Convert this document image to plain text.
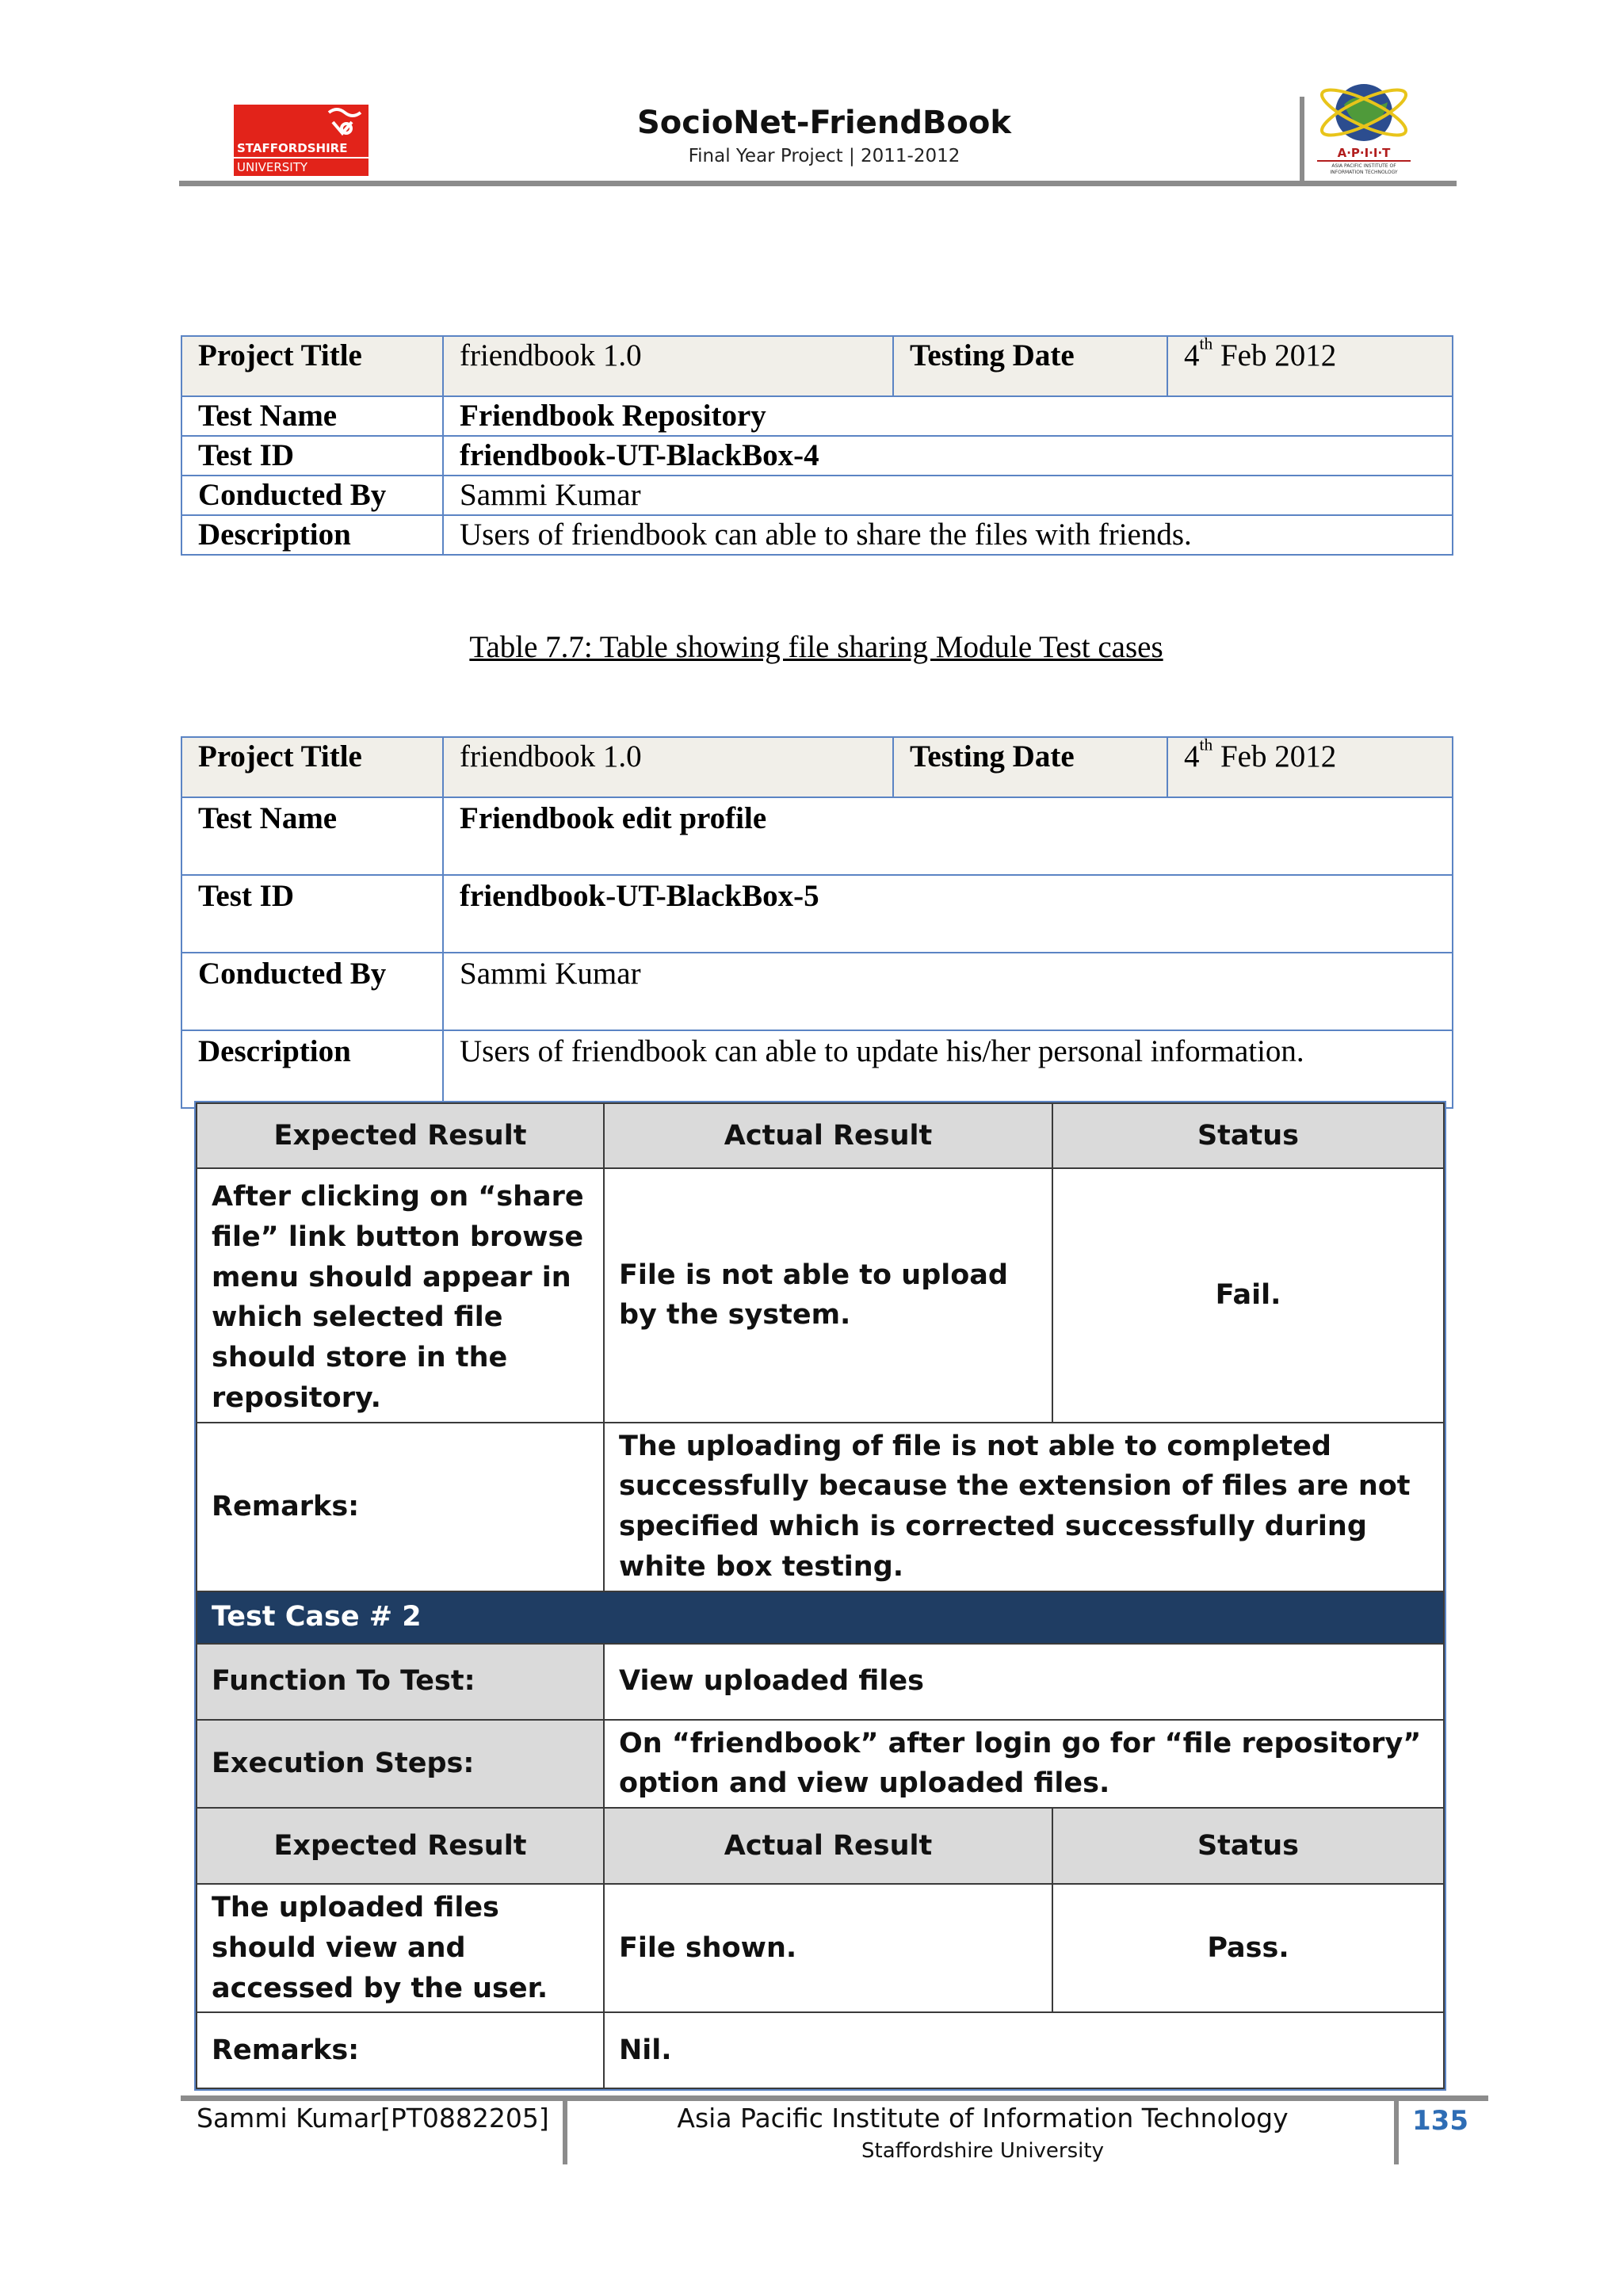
STAFFORDSHIRE
UNIVERSITY
SocioNet-FriendBook
Final Year Project | 2011-2012	A·P·I·I·T
ASIA PACIFIC INSTITUTE OF
INFORMATION TECHNOLOGY
Project Title	friendbook 1.0	Testing Date	4th Feb 2012
Test Name	Friendbook Repository		
Test ID	friendbook-UT-BlackBox-4		
Conducted By	Sammi Kumar		
Description	Users of friendbook can able to share the files with friends.		
Table 7.7: Table showing file sharing Module Test cases
Project Title	friendbook 1.0	Testing Date	4th Feb 2012
Test Name	Friendbook edit profile		
Test ID	friendbook-UT-BlackBox-5		
Conducted By	Sammi Kumar		
Description	Users of friendbook can able to update his/her personal information.		
Expected Result	Actual Result	Status
After clicking on “share file” link button browse menu should appear in which selected file should store in the repository.	File is not able to upload by the system.	Fail.
Remarks:	The uploading of file is not able to completed successfully because the extension of files are not specified which is corrected successfully during white box testing.	
Test Case # 2		
Function To Test:	View uploaded files	
Execution Steps:	On “friendbook” after login go for “file repository” option and view uploaded files.	
Expected Result	Actual Result	Status
The uploaded files should view and accessed by the user.	File shown.	Pass.
Remarks:	Nil.	
Sammi Kumar[PT0882205]	Asia Pacific Institute of Information Technology
Staffordshire University
135
